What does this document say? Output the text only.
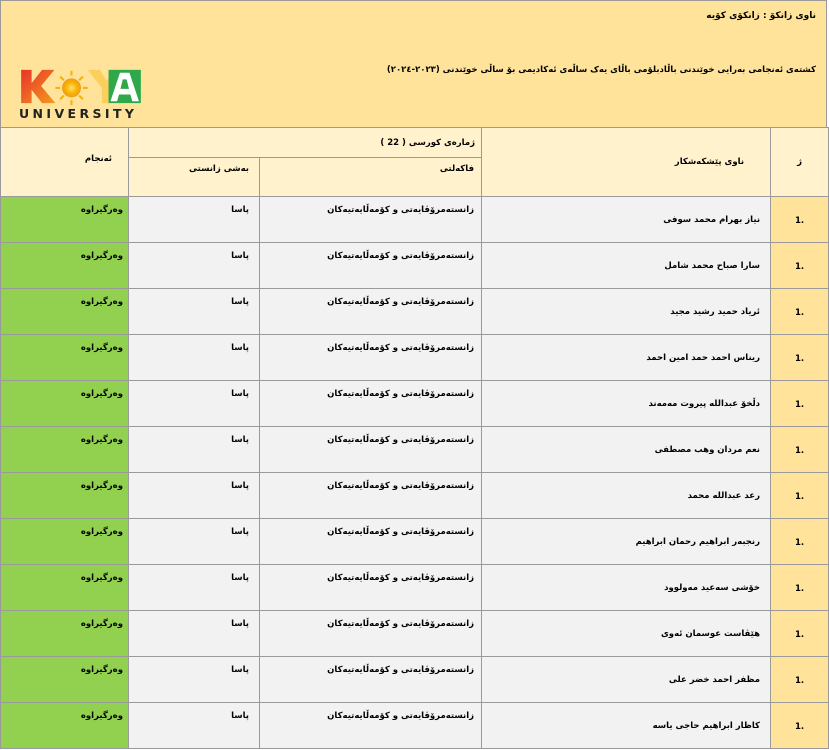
ناوی زانکۆ : زانکۆی کۆیە
کشتەی ئەنجامی بەرایی خوێندنی باڵادبلۆمی باڵای یەک ساڵەی ئەکادیمی بۆ ساڵی خوێندنی (٢٠٢٣-٢٠٢٤)
UNIVERSITY
ئەنجام	ژمارەی کورسی ( 22 )		ناوی پێشکەشکار	ژ
	بەشی زانستی	فاکەلتی		
وەرگیراوە	پاسا	زانستەمرۆڤایەتی و کۆمەڵایەتیەکان	نیاز بهرام محمد سوفی	1.
وەرگیراوە	پاسا	زانستەمرۆڤایەتی و کۆمەڵایەتیەکان	سارا صباح محمد شامل	1.
وەرگیراوە	پاسا	زانستەمرۆڤایەتی و کۆمەڵایەتیەکان	ئریاد حمید رشید مجید	1.
وەرگیراوە	پاسا	زانستەمرۆڤایەتی و کۆمەڵایەتیەکان	ریناس احمد حمد امین احمد	1.
وەرگیراوە	پاسا	زانستەمرۆڤایەتی و کۆمەڵایەتیەکان	دڵخۆ عبدالله پیروت مەمەند	1.
وەرگیراوە	پاسا	زانستەمرۆڤایەتی و کۆمەڵایەتیەکان	نعم مردان وهب مصطفى	1.
وەرگیراوە	پاسا	زانستەمرۆڤایەتی و کۆمەڵایەتیەکان	رعد عبدالله محمد	1.
وەرگیراوە	پاسا	زانستەمرۆڤایەتی و کۆمەڵایەتیەکان	رنجبەر ابراهیم رحمان ابراهیم	1.
وەرگیراوە	پاسا	زانستەمرۆڤایەتی و کۆمەڵایەتیەکان	خۆشی سەعید مەولوود	1.
وەرگیراوە	پاسا	زانستەمرۆڤایەتی و کۆمەڵایەتیەکان	هێڤاست عوسمان ئەوی	1.
وەرگیراوە	پاسا	زانستەمرۆڤایەتی و کۆمەڵایەتیەکان	مظفر احمد خضر علی	1.
وەرگیراوە	پاسا	زانستەمرۆڤایەتی و کۆمەڵایەتیەکان	کاظار ابراهیم حاجی یاسە	1.
